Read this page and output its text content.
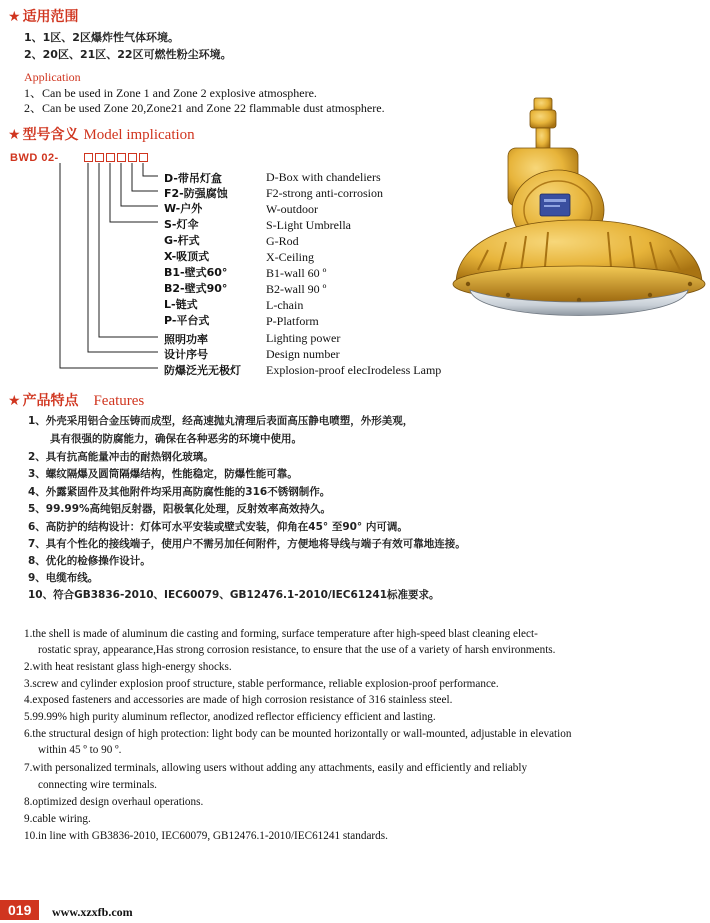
★ 适用范围
1、1区、2区爆炸性气体环境。
2、20区、21区、22区可燃性粉尘环境。
Application
1、Can be used in Zone 1 and Zone 2 explosive atmosphere.
2、Can be used Zone 20,Zone21 and Zone 22 flammable dust atmosphere.
★ 型号含义 Model implication
BWD 02-
D-带吊灯盒
F2-防强腐蚀
W-户外
S-灯伞
G-杆式
X-吸顶式
B1-壁式60°
B2-壁式90°
L-链式
P-平台式
照明功率
设计序号
防爆泛光无极灯
D-Box with chandeliers
F2-strong anti-corrosion
W-outdoor
S-Light Umbrella
G-Rod
X-Ceiling
B1-wall 60 º
B2-wall 90 º
L-chain
P-Platform
Lighting power
Design number
Explosion-proof elecIrodeless Lamp
★ 产品特点 Features
1、外壳采用铝合金压铸而成型，经高速抛丸清理后表面高压静电喷塑，外形美观，
具有很强的防腐能力，确保在各种恶劣的环境中使用。
2、具有抗高能量冲击的耐热钢化玻璃。
3、螺纹隔爆及圆筒隔爆结构，性能稳定，防爆性能可靠。
4、外露紧固件及其他附件均采用高防腐性能的316不锈钢制作。
5、99.99%高纯铝反射器，阳极氧化处理，反射效率高效持久。
6、高防护的结构设计：灯体可水平安装或壁式安装，仰角在45° 至90° 内可调。
7、具有个性化的接线端子，使用户不需另加任何附件，方便地将导线与端子有效可靠地连接。
8、优化的检修操作设计。
9、电缆布线。
10、符合GB3836-2010、IEC60079、GB12476.1-2010/IEC61241标准要求。
1.the shell is made of aluminum die casting and forming, surface temperature after high-speed blast cleaning elect-
rostatic spray, appearance,Has strong corrosion resistance, to ensure that the use of a variety of harsh environments.
2.with heat resistant glass high-energy shocks.
3.screw and cylinder explosion proof structure, stable performance, reliable explosion-proof performance.
4.exposed fasteners and accessories are made of high corrosion resistance of 316 stainless steel.
5.99.99% high purity aluminum reflector, anodized reflector efficiency efficient and lasting.
6.the structural design of high protection: light body can be mounted horizontally or wall-mounted, adjustable in elevation
within 45 º to 90 º.
7.with personalized terminals, allowing users without adding any attachments, easily and efficiently and reliably
connecting wire terminals.
8.optimized design overhaul operations.
9.cable wiring.
10.in line with GB3836-2010, IEC60079, GB12476.1-2010/IEC61241 standards.
019	www.xzxfb.com
